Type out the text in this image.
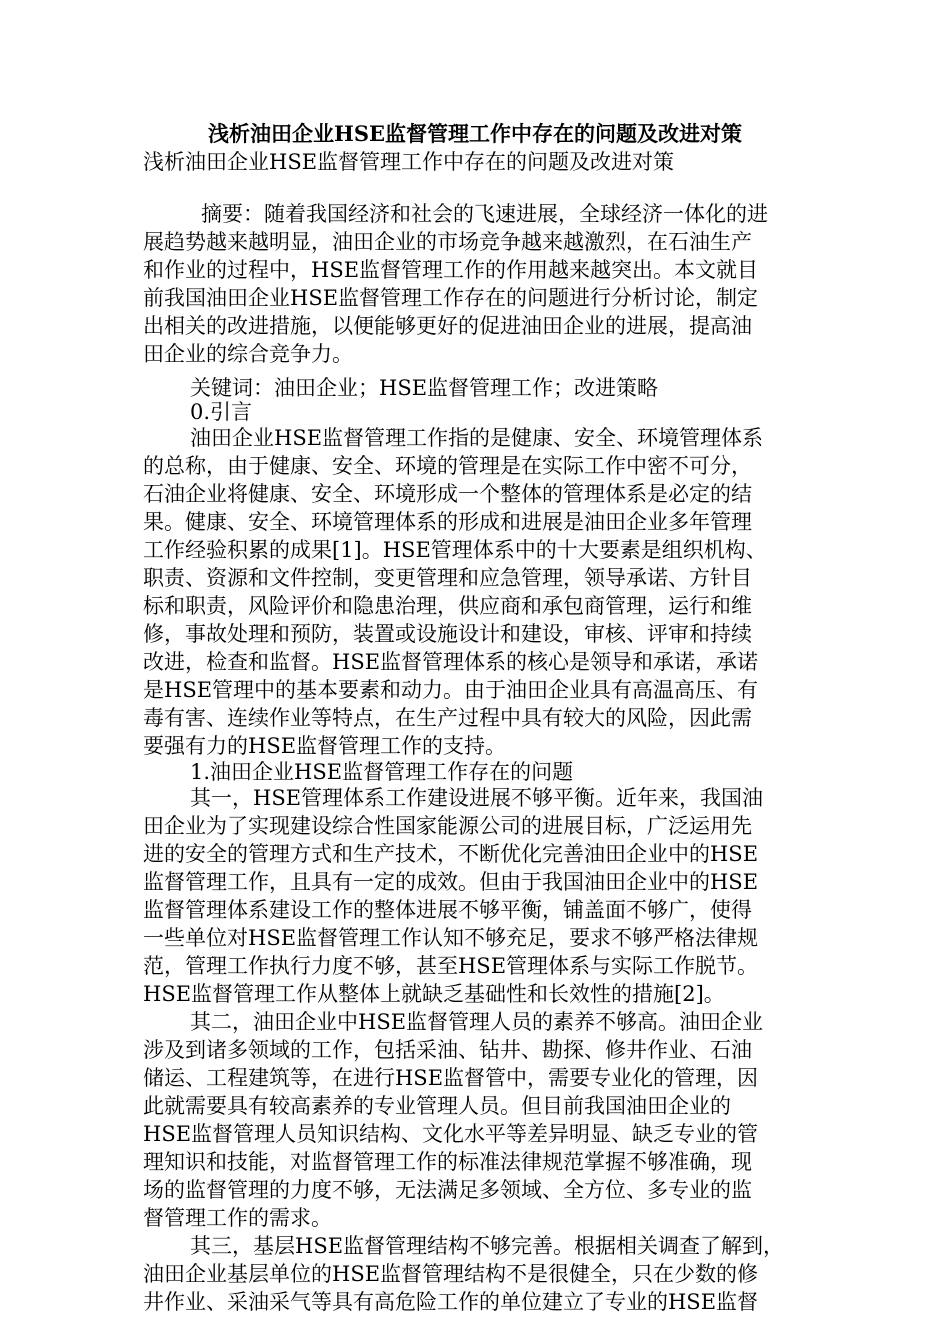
浅析油田企业HSE监督管理工作中存在的问题及改进对策

浅析油田企业HSE监督管理工作中存在的问题及改进对策

摘要：随着我国经济和社会的飞速进展，全球经济一体化的进

展趋势越来越明显，油田企业的市场竞争越来越激烈，在石油生产

和作业的过程中，HSE监督管理工作的作用越来越突出。本文就目

前我国油田企业HSE监督管理工作存在的问题进行分析讨论，制定

出相关的改进措施，以便能够更好的促进油田企业的进展，提高油

田企业的综合竞争力。

关键词：油田企业；HSE监督管理工作；改进策略

0.引言

油田企业HSE监督管理工作指的是健康、安全、环境管理体系

的总称，由于健康、安全、环境的管理是在实际工作中密不可分，

石油企业将健康、安全、环境形成一个整体的管理体系是必定的结

果。健康、安全、环境管理体系的形成和进展是油田企业多年管理

工作经验积累的成果[1]。HSE管理体系中的十大要素是组织机构、

职责、资源和文件控制，变更管理和应急管理，领导承诺、方针目

标和职责，风险评价和隐患治理，供应商和承包商管理，运行和维

修，事故处理和预防，装置或设施设计和建设，审核、评审和持续

改进，检查和监督。HSE监督管理体系的核心是领导和承诺，承诺

是HSE管理中的基本要素和动力。由于油田企业具有高温高压、有

毒有害、连续作业等特点，在生产过程中具有较大的风险，因此需

要强有力的HSE监督管理工作的支持。

1.油田企业HSE监督管理工作存在的问题

其一，HSE管理体系工作建设进展不够平衡。近年来，我国油

田企业为了实现建设综合性国家能源公司的进展目标，广泛运用先

进的安全的管理方式和生产技术，不断优化完善油田企业中的HSE

监督管理工作，且具有一定的成效。但由于我国油田企业中的HSE

监督管理体系建设工作的整体进展不够平衡，铺盖面不够广，使得

一些单位对HSE监督管理工作认知不够充足，要求不够严格法律规

范，管理工作执行力度不够，甚至HSE管理体系与实际工作脱节。

HSE监督管理工作从整体上就缺乏基础性和长效性的措施[2]。

其二，油田企业中HSE监督管理人员的素养不够高。油田企业

涉及到诸多领域的工作，包括采油、钻井、勘探、修井作业、石油

储运、工程建筑等，在进行HSE监督管中，需要专业化的管理，因

此就需要具有较高素养的专业管理人员。但目前我国油田企业的

HSE监督管理人员知识结构、文化水平等差异明显、缺乏专业的管

理知识和技能，对监督管理工作的标准法律规范掌握不够准确，现

场的监督管理的力度不够，无法满足多领域、全方位、多专业的监

督管理工作的需求。

其三，基层HSE监督管理结构不够完善。根据相关调查了解到，

油田企业基层单位的HSE监督管理结构不是很健全，只在少数的修

井作业、采油采气等具有高危险工作的单位建立了专业的HSE监督
